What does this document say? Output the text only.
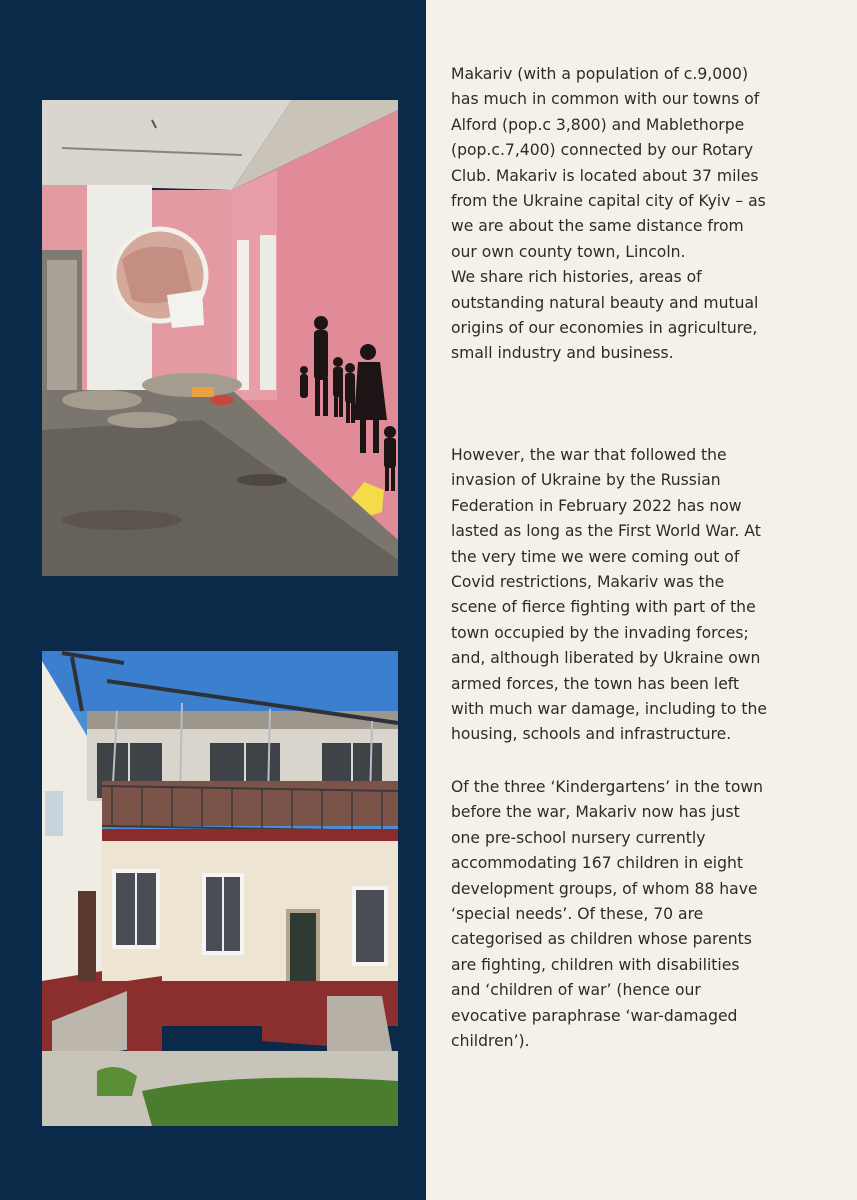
Makariv (with a population of c.9,000)
has much in common with our towns of
Alford (pop.c 3,800) and Mablethorpe
(pop.c.7,400) connected by our Rotary
Club. Makariv is located about 37 miles
from the Ukraine capital city of Kyiv – as
we are about the same distance from
our own county town, Lincoln.
We share rich histories, areas of
outstanding natural beauty and mutual
origins of our economies in agriculture,
small industry and business.
However, the war that followed the
invasion of Ukraine by the Russian
Federation in February 2022 has now
lasted as long as the First World War. At
the very time we were coming out of
Covid restrictions, Makariv was the
scene of fierce fighting with part of the
town occupied by the invading forces;
and, although liberated by Ukraine own
armed forces, the town has been left
with much war damage, including to the
housing, schools and infrastructure.
Of the three ‘Kindergartens’ in the town
before the war, Makariv now has just
one pre-school nursery currently
accommodating 167 children in eight
development groups, of whom 88 have
‘special needs’. Of these, 70 are
categorised as children whose parents
are fighting, children with disabilities
and ‘children of war’ (hence our
evocative paraphrase ‘war-damaged
children’).
